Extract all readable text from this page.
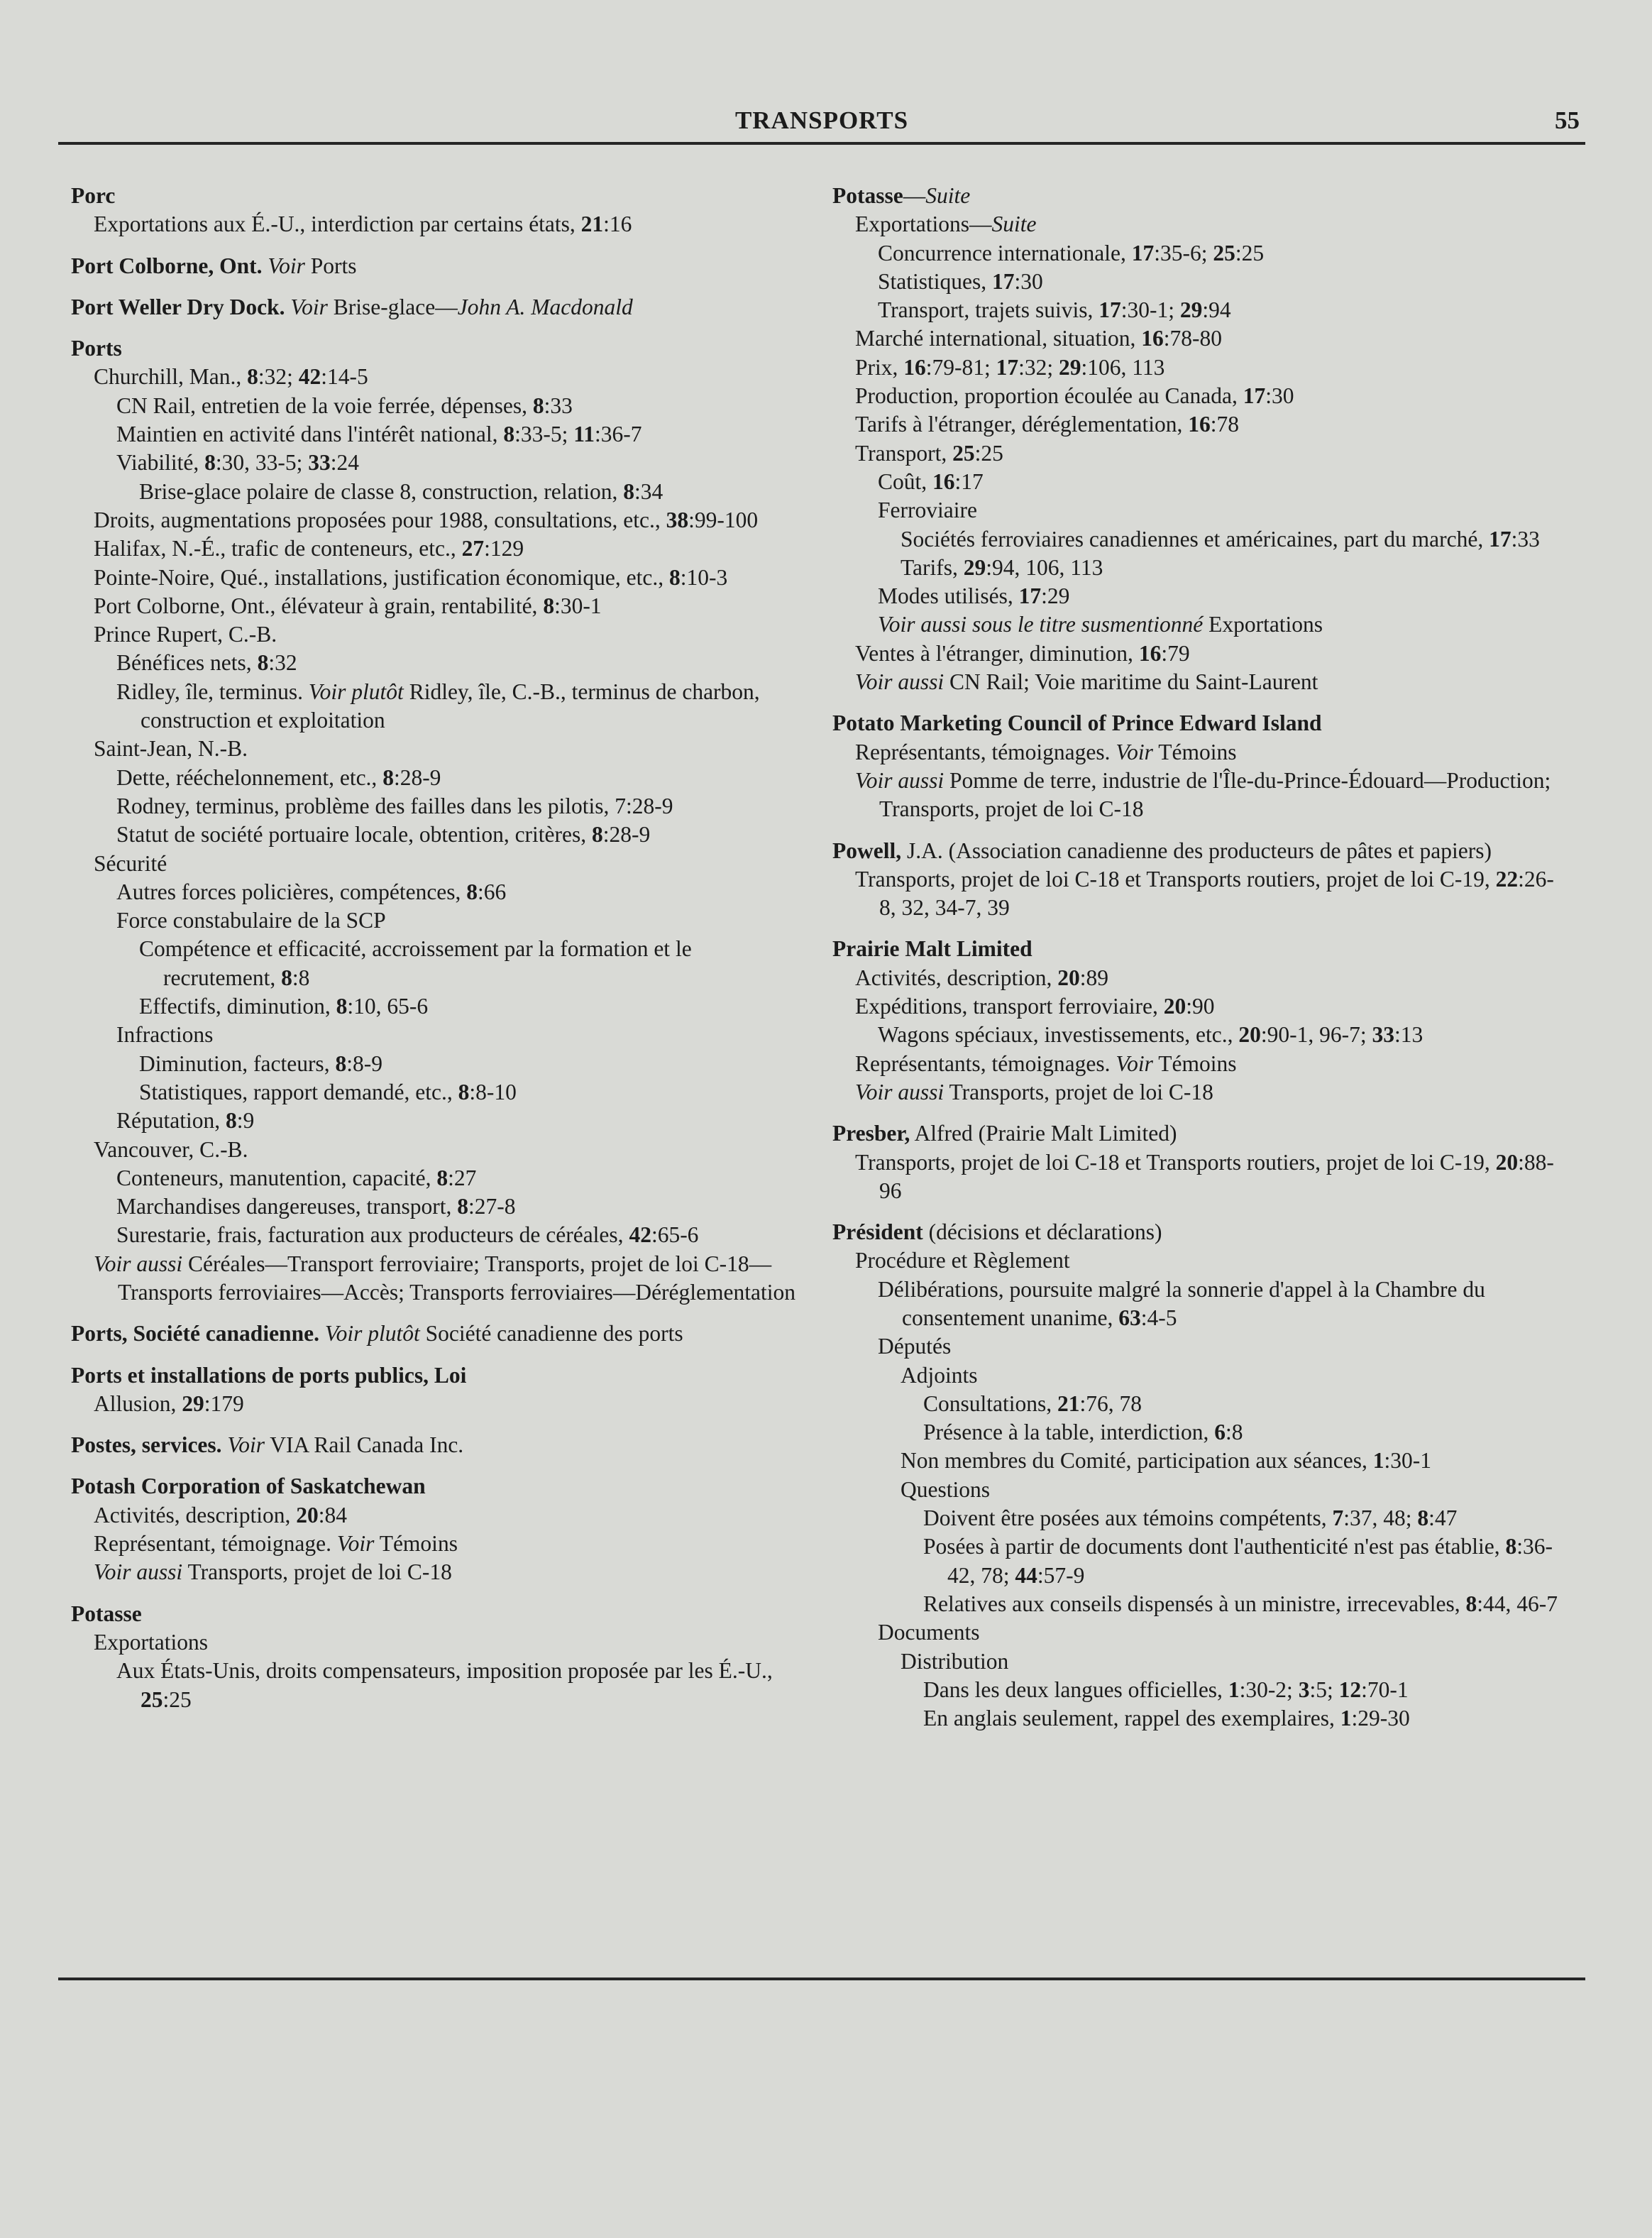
TRANSPORTS	55
Porc
Exportations aux É.-U., interdiction par certains états, 21:16
Port Colborne, Ont. Voir Ports
Port Weller Dry Dock. Voir Brise-glace—John A. Macdonald
Ports
Churchill, Man., 8:32; 42:14-5
CN Rail, entretien de la voie ferrée, dépenses, 8:33
Maintien en activité dans l'intérêt national, 8:33-5; 11:36-7
Viabilité, 8:30, 33-5; 33:24
Brise-glace polaire de classe 8, construction, relation, 8:34
Droits, augmentations proposées pour 1988, consultations, etc., 38:99-100
Halifax, N.-É., trafic de conteneurs, etc., 27:129
Pointe-Noire, Qué., installations, justification économique, etc., 8:10-3
Port Colborne, Ont., élévateur à grain, rentabilité, 8:30-1
Prince Rupert, C.-B.
Bénéfices nets, 8:32
Ridley, île, terminus. Voir plutôt Ridley, île, C.-B., terminus de charbon, construction et exploitation
Saint-Jean, N.-B.
Dette, rééchelonnement, etc., 8:28-9
Rodney, terminus, problème des failles dans les pilotis, 7:28-9
Statut de société portuaire locale, obtention, critères, 8:28-9
Sécurité
Autres forces policières, compétences, 8:66
Force constabulaire de la SCP
Compétence et efficacité, accroissement par la formation et le recrutement, 8:8
Effectifs, diminution, 8:10, 65-6
Infractions
Diminution, facteurs, 8:8-9
Statistiques, rapport demandé, etc., 8:8-10
Réputation, 8:9
Vancouver, C.-B.
Conteneurs, manutention, capacité, 8:27
Marchandises dangereuses, transport, 8:27-8
Surestarie, frais, facturation aux producteurs de céréales, 42:65-6
Voir aussi Céréales—Transport ferroviaire; Transports, projet de loi C-18—Transports ferroviaires—Accès; Transports ferroviaires—Déréglementation
Ports, Société canadienne. Voir plutôt Société canadienne des ports
Ports et installations de ports publics, Loi
Allusion, 29:179
Postes, services. Voir VIA Rail Canada Inc.
Potash Corporation of Saskatchewan
Activités, description, 20:84
Représentant, témoignage. Voir Témoins
Voir aussi Transports, projet de loi C-18
Potasse
Exportations
Aux États-Unis, droits compensateurs, imposition proposée par les É.-U., 25:25
Potasse—Suite
Exportations—Suite
Concurrence internationale, 17:35-6; 25:25
Statistiques, 17:30
Transport, trajets suivis, 17:30-1; 29:94
Marché international, situation, 16:78-80
Prix, 16:79-81; 17:32; 29:106, 113
Production, proportion écoulée au Canada, 17:30
Tarifs à l'étranger, déréglementation, 16:78
Transport, 25:25
Coût, 16:17
Ferroviaire
Sociétés ferroviaires canadiennes et américaines, part du marché, 17:33
Tarifs, 29:94, 106, 113
Modes utilisés, 17:29
Voir aussi sous le titre susmentionné Exportations
Ventes à l'étranger, diminution, 16:79
Voir aussi CN Rail; Voie maritime du Saint-Laurent
Potato Marketing Council of Prince Edward Island
Représentants, témoignages. Voir Témoins
Voir aussi Pomme de terre, industrie de l'Île-du-Prince-Édouard—Production; Transports, projet de loi C-18
Powell, J.A. (Association canadienne des producteurs de pâtes et papiers)
Transports, projet de loi C-18 et Transports routiers, projet de loi C-19, 22:26-8, 32, 34-7, 39
Prairie Malt Limited
Activités, description, 20:89
Expéditions, transport ferroviaire, 20:90
Wagons spéciaux, investissements, etc., 20:90-1, 96-7; 33:13
Représentants, témoignages. Voir Témoins
Voir aussi Transports, projet de loi C-18
Presber, Alfred (Prairie Malt Limited)
Transports, projet de loi C-18 et Transports routiers, projet de loi C-19, 20:88-96
Président (décisions et déclarations)
Procédure et Règlement
Délibérations, poursuite malgré la sonnerie d'appel à la Chambre du consentement unanime, 63:4-5
Députés
Adjoints
Consultations, 21:76, 78
Présence à la table, interdiction, 6:8
Non membres du Comité, participation aux séances, 1:30-1
Questions
Doivent être posées aux témoins compétents, 7:37, 48; 8:47
Posées à partir de documents dont l'authenticité n'est pas établie, 8:36-42, 78; 44:57-9
Relatives aux conseils dispensés à un ministre, irrecevables, 8:44, 46-7
Documents
Distribution
Dans les deux langues officielles, 1:30-2; 3:5; 12:70-1
En anglais seulement, rappel des exemplaires, 1:29-30
